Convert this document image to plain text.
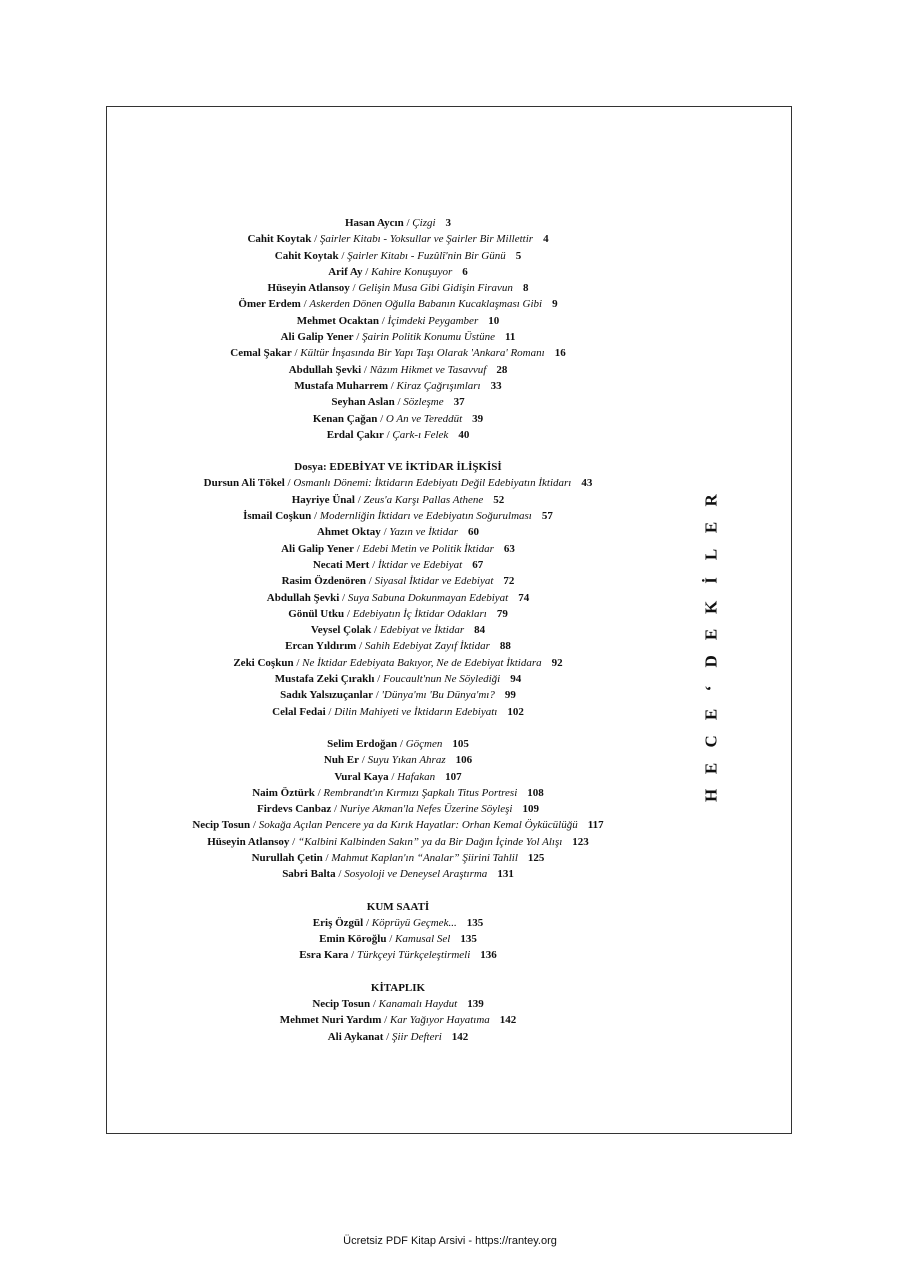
Hasan Aycın / Çizgi 3
Cahit Koytak / Şairler Kitabı - Yoksullar ve Şairler Bir Millettir 4
Cahit Koytak / Şairler Kitabı - Fuzûlî'nin Bir Günü 5
Arif Ay / Kahire Konuşuyor 6
Hüseyin Atlansoy / Gelişin Musa Gibi Gidişin Firavun 8
Ömer Erdem / Askerden Dönen Oğulla Babanın Kucaklaşması Gibi 9
Mehmet Ocaktan / İçimdeki Peygamber 10
Ali Galip Yener / Şairin Politik Konumu Üstüne 11
Cemal Şakar / Kültür İnşasında Bir Yapı Taşı Olarak 'Ankara' Romanı 16
Abdullah Şevki / Nâzım Hikmet ve Tasavvuf 28
Mustafa Muharrem / Kiraz Çağrışımları 33
Seyhan Aslan / Sözleşme 37
Kenan Çağan / O An ve Tereddüt 39
Erdal Çakır / Çark-ı Felek 40
Dosya: EDEBİYAT VE İKTİDAR İLİŞKİSİ
Dursun Ali Tökel / Osmanlı Dönemi: İktidarın Edebiyatı Değil Edebiyatın İktidarı 43
Hayriye Ünal / Zeus'a Karşı Pallas Athene 52
İsmail Coşkun / Modernliğin İktidarı ve Edebiyatın Soğurulması 57
Ahmet Oktay / Yazın ve İktidar 60
Ali Galip Yener / Edebi Metin ve Politik İktidar 63
Necati Mert / İktidar ve Edebiyat 67
Rasim Özdenören / Siyasal İktidar ve Edebiyat 72
Abdullah Şevki / Suya Sabuna Dokunmayan Edebiyat 74
Gönül Utku / Edebiyatın İç İktidar Odakları 79
Veysel Çolak / Edebiyat ve İktidar 84
Ercan Yıldırım / Sahih Edebiyat Zayıf İktidar 88
Zeki Coşkun / Ne İktidar Edebiyata Bakıyor, Ne de Edebiyat İktidara 92
Mustafa Zeki Çıraklı / Foucault'nun Ne Söylediği 94
Sadık Yalsızuçanlar / 'Dünya'mı 'Bu Dünya'mı? 99
Celal Fedai / Dilin Mahiyeti ve İktidarın Edebiyatı 102
Selim Erdoğan / Göçmen 105
Nuh Er / Suyu Yıkan Ahraz 106
Vural Kaya / Hafakan 107
Naim Öztürk / Rembrandt'ın Kırmızı Şapkalı Titus Portresi 108
Firdevs Canbaz / Nuriye Akman'la Nefes Üzerine Söyleşi 109
Necip Tosun / Sokağa Açılan Pencere ya da Kırık Hayatlar: Orhan Kemal Öykücülüğü 117
Hüseyin Atlansoy / “Kalbini Kalbinden Sakın” ya da Bir Dağın İçinde Yol Alışı 123
Nurullah Çetin / Mahmut Kaplan'ın “Analar” Şiirini Tahlil 125
Sabri Balta / Sosyoloji ve Deneysel Araştırma 131
KUM SAATİ
Eriş Özgül / Köprüyü Geçmek... 135
Emin Köroğlu / Kamusal Sel 135
Esra Kara / Türkçeyi Türkçeleştirmeli 136
KİTAPLIK
Necip Tosun / Kanamalı Haydut 139
Mehmet Nuri Yardım / Kar Yağıyor Hayatıma 142
Ali Aykanat / Şiir Defteri 142
R
E
L
İ
K
E
D
‘
E
C
E
H
Ücretsiz PDF Kitap Arsivi - https://rantey.org
